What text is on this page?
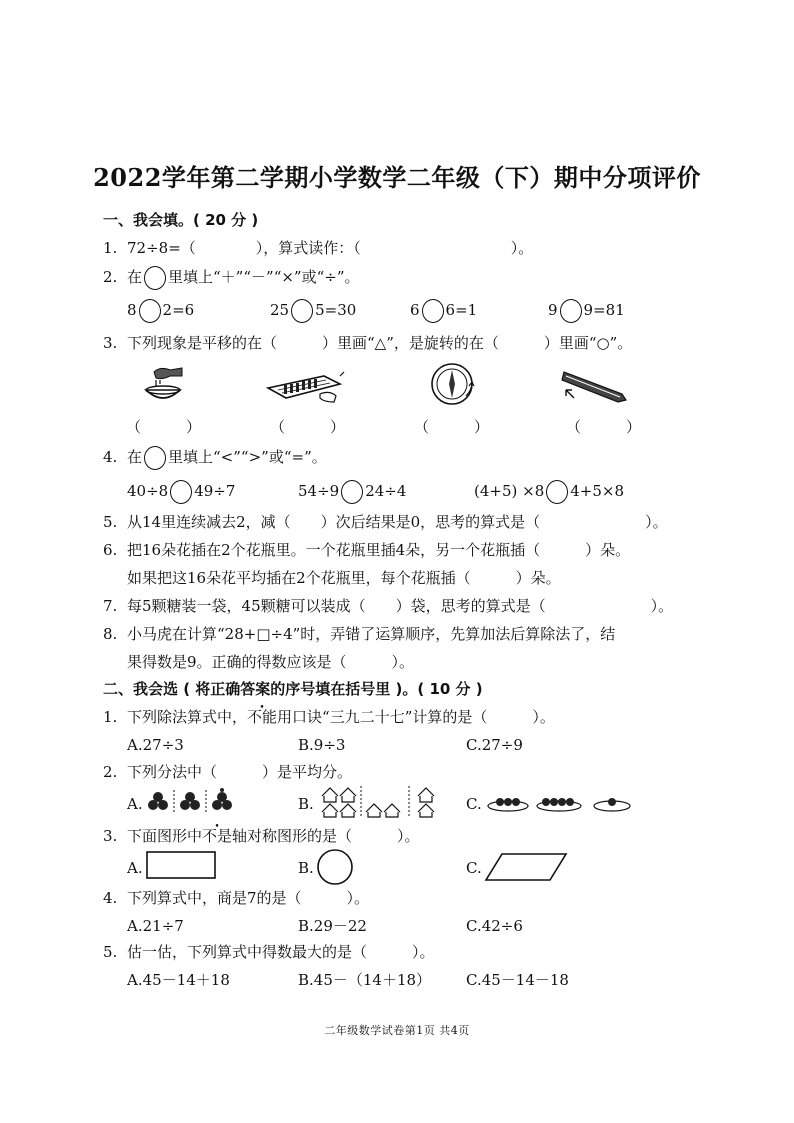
2022学年第二学期小学数学二年级（下）期中分项评价
一、我会填。( 20 分 )
1. 72÷8=（　　　　），算式读作：（　　　　　　　　　　）。
2. 在 里填上“＋”“－”“×”或“÷”。
8 2=6	25 5=30	6 6=1	9 9=81
3. 下列现象是平移的在（　　　）里画“△”，是旋转的在（　　　）里画“○”。
（　　　）	（　　　）	（　　　）	（　　　）
4. 在 里填上“<”“>”或“=”。
40÷8 49÷7	54÷9 24÷4	(4+5) ×8 4+5×8
5. 从14里连续减去2，减（　　）次后结果是0，思考的算式是（　　　　　　　）。
6. 把16朵花插在2个花瓶里。一个花瓶里插4朵，另一个花瓶插（　　　）朵。
如果把这16朵花平均插在2个花瓶里，每个花瓶插（　　　）朵。
7. 每5颗糖装一袋，45颗糖可以装成（　　）袋，思考的算式是（　　　　　　　）。
8. 小马虎在计算“28+□÷4”时，弄错了运算顺序，先算加法后算除法了，结
果得数是9。正确的得数应该是（　　　）。
二、我会选 ( 将正确答案的序号填在括号里 )。( 10 分 )
1. 下列除法算式中，不能用口诀“三九二十七”计算的是（　　　）。
A.27÷3	B.9÷3	C.27÷9
2. 下列分法中（　　　）是平均分。
A.	B.	C.
3. 下面图形中不是轴对称图形的是（　　　）。
A.	B.	C.
4. 下列算式中，商是7的是（　　　）。
A.21÷7	B.29－22	C.42÷6
5. 估一估，下列算式中得数最大的是（　　　）。
A.45－14＋18	B.45－（14＋18） C.45－14－18
二年级数学试卷第1页 共4页
